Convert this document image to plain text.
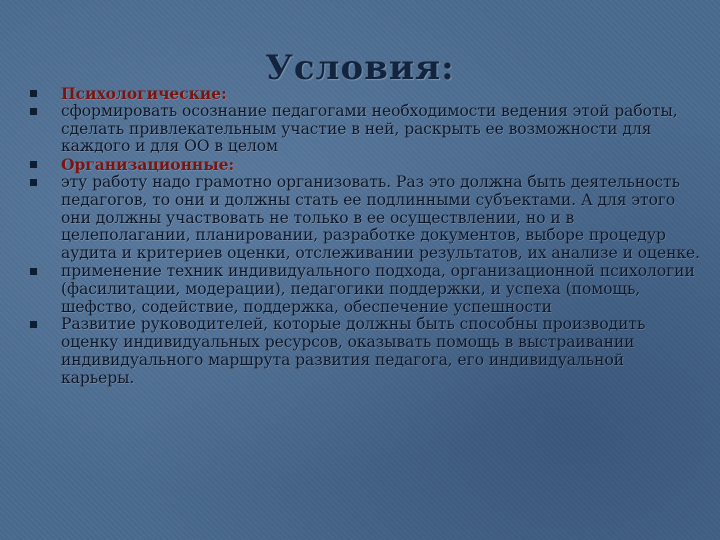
Условия:
Психологические:
сформировать осознание педагогами необходимости ведения этой работы, сделать привлекательным участие в ней, раскрыть ее возможности для каждого и для ОО в целом
Организационные:
эту работу надо грамотно организовать. Раз это должна быть деятельность педагогов, то они и должны стать ее подлинными субъектами. А для этого они должны участвовать не только в ее осуществлении, но и в целеполагании, планировании, разработке документов, выборе процедур аудита и критериев оценки, отслеживании результатов, их анализе и оценке.
применение техник индивидуального подхода, организационной психологии (фасилитации, модерации), педагогики поддержки, и успеха (помощь, шефство, содействие, поддержка, обеспечение успешности
Развитие руководителей, которые должны быть способны производить оценку индивидуальных ресурсов, оказывать помощь в выстраивании индивидуального маршрута развития педагога, его индивидуальной карьеры.
